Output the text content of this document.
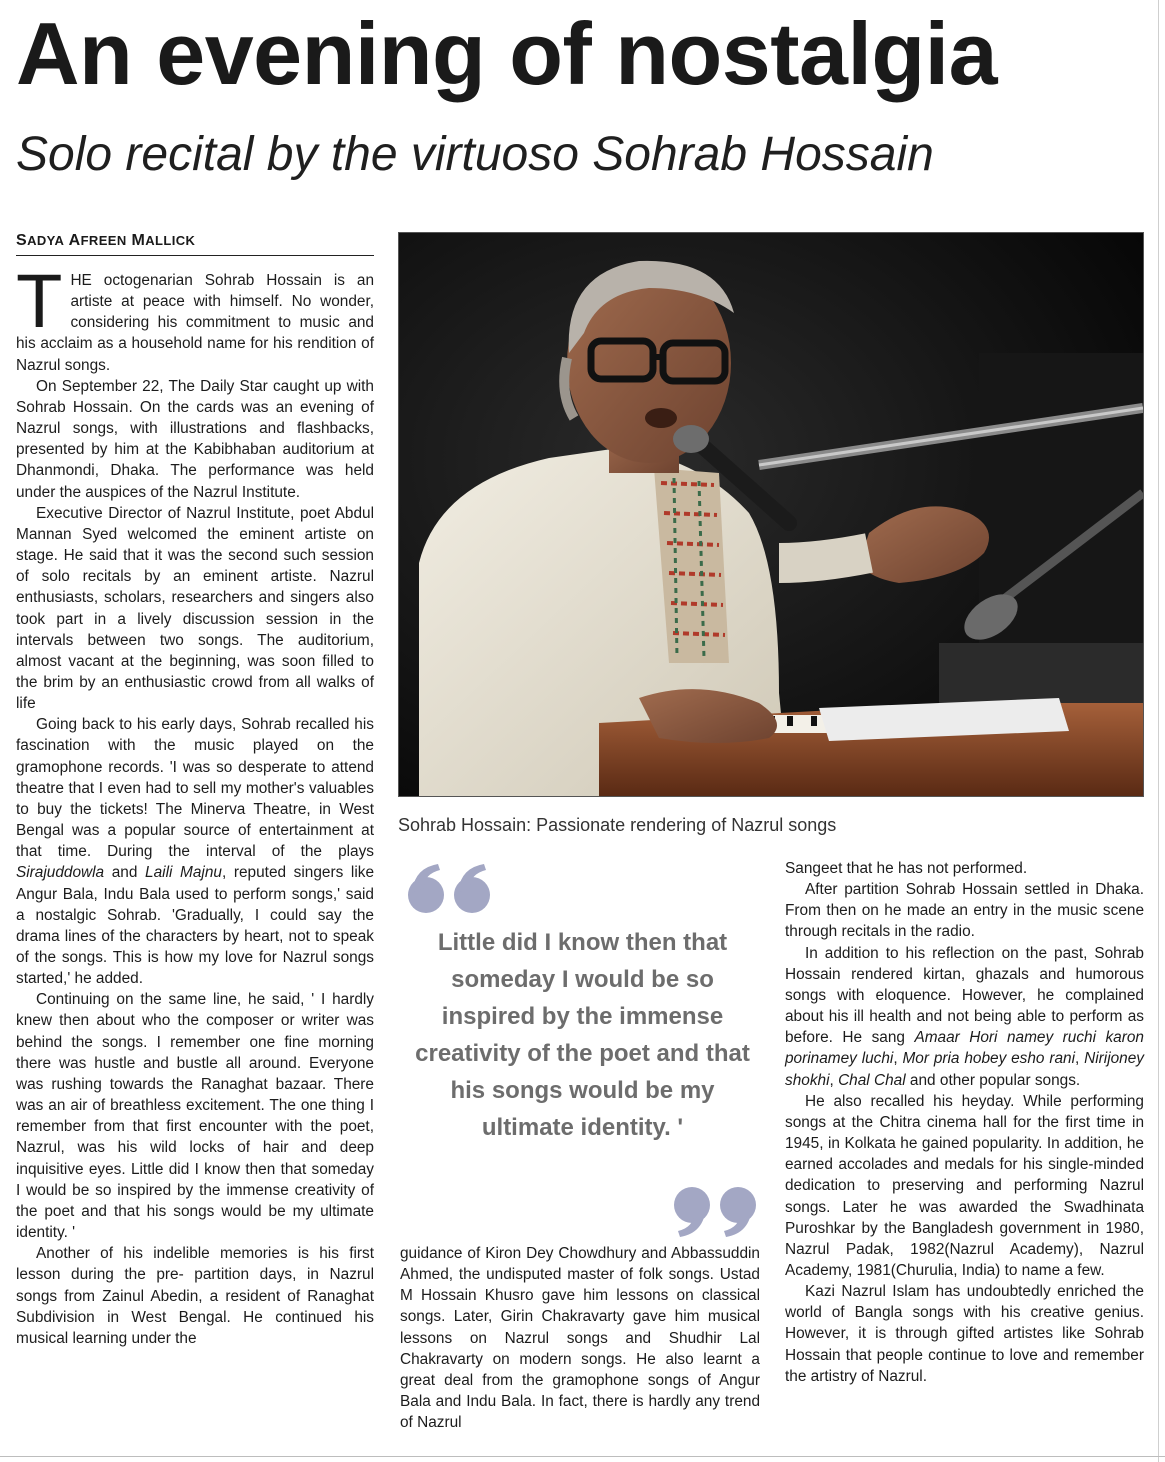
An evening of nostalgia
Solo recital by the virtuoso Sohrab Hossain
SADYA AFREEN MALLICK

THE octogenarian Sohrab Hossain is an artiste at peace with himself. No wonder, considering his commitment to music and his acclaim as a household name for his rendition of Nazrul songs.

On September 22, The Daily Star caught up with Sohrab Hossain. On the cards was an evening of Nazrul songs, with illustrations and flashbacks, presented by him at the Kabibhaban auditorium at Dhanmondi, Dhaka. The performance was held under the auspices of the Nazrul Institute.

Executive Director of Nazrul Institute, poet Abdul Mannan Syed welcomed the eminent artiste on stage. He said that it was the second such session of solo recitals by an eminent artiste. Nazrul enthusiasts, scholars, researchers and singers also took part in a lively discussion session in the intervals between two songs. The auditorium, almost vacant at the beginning, was soon filled to the brim by an enthusiastic crowd from all walks of life

Going back to his early days, Sohrab recalled his fascination with the music played on the gramophone records. 'I was so desperate to attend theatre that I even had to sell my mother's valuables to buy the tickets! The Minerva Theatre, in West Bengal was a popular source of entertainment at that time. During the interval of the plays Sirajuddowla and Laili Majnu, reputed singers like Angur Bala, Indu Bala used to perform songs,' said a nostalgic Sohrab. 'Gradually, I could say the drama lines of the characters by heart, not to speak of the songs. This is how my love for Nazrul songs started,' he added.

Continuing on the same line, he said, ' I hardly knew then about who the composer or writer was behind the songs. I remember one fine morning there was hustle and bustle all around. Everyone was rushing towards the Ranaghat bazaar. There was an air of breathless excitement. The one thing I remember from that first encounter with the poet, Nazrul, was his wild locks of hair and deep inquisitive eyes. Little did I know then that someday I would be so inspired by the immense creativity of the poet and that his songs would be my ultimate identity. '

Another of his indelible memories is his first lesson during the pre- partition days, in Nazrul songs from Zainul Abedin, a resident of Ranaghat Subdivision in West Bengal. He continued his musical learning under the

Sohrab Hossain: Passionate rendering of Nazrul songs
Little did I know then that someday I would be so inspired by the immense creativity of the poet and that his songs would be my ultimate identity. '

guidance of Kiron Dey Chowdhury and Abbassuddin Ahmed, the undisputed master of folk songs. Ustad M Hossain Khusro gave him lessons on classical songs. Later, Girin Chakravarty gave him musical lessons on Nazrul songs and Shudhir Lal Chakravarty on modern songs. He also learnt a great deal from the gramophone songs of Angur Bala and Indu Bala. In fact, there is hardly any trend of Nazrul

Sangeet that he has not performed.

After partition Sohrab Hossain settled in Dhaka. From then on he made an entry in the music scene through recitals in the radio.

In addition to his reflection on the past, Sohrab Hossain rendered kirtan, ghazals and humorous songs with eloquence. However, he complained about his ill health and not being able to perform as before. He sang Amaar Hori namey ruchi karon porinamey luchi, Mor pria hobey esho rani, Nirijoney shokhi, Chal Chal and other popular songs.

He also recalled his heyday. While performing songs at the Chitra cinema hall for the first time in 1945, in Kolkata he gained popularity. In addition, he earned accolades and medals for his single-minded dedication to preserving and performing Nazrul songs. Later he was awarded the Swadhinata Puroshkar by the Bangladesh government in 1980, Nazrul Padak, 1982(Nazrul Academy), Nazrul Academy, 1981(Churulia, India) to name a few.

Kazi Nazrul Islam has undoubtedly enriched the world of Bangla songs with his creative genius. However, it is through gifted artistes like Sohrab Hossain that people continue to love and remember the artistry of Nazrul.
